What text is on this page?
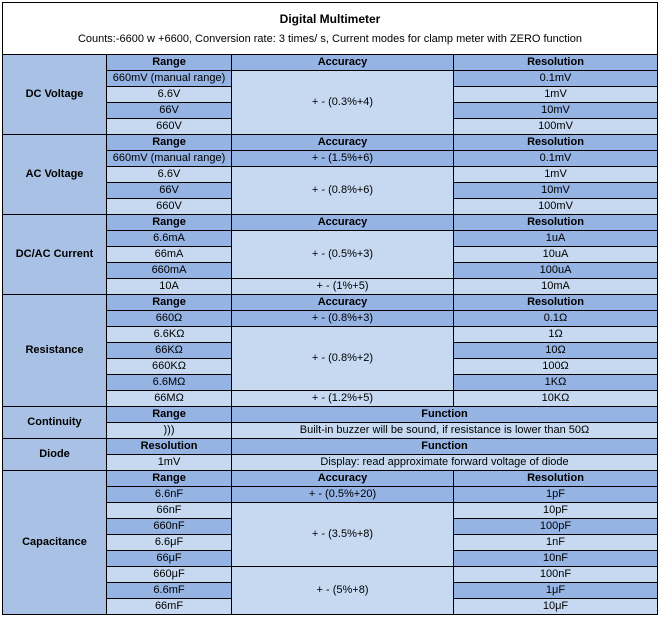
Digital Multimeter
Counts:-6600 w +6600, Conversion rate: 3 times/ s, Current modes for clamp meter with ZERO function			

DC Voltage	Range	Accuracy	Resolution
	660mV (manual range)	+ - (0.3%+4)	0.1mV
	6.6V		1mV
	66V		10mV
	660V		100mV
AC Voltage	Range	Accuracy	Resolution
	660mV (manual range)	+ - (1.5%+6)	0.1mV
	6.6V	+ - (0.8%+6)	1mV
	66V		10mV
	660V		100mV
DC/AC Current	Range	Accuracy	Resolution
	6.6mA	+ - (0.5%+3)	1uA
	66mA		10uA
	660mA		100uA
	10A	+ - (1%+5)	10mA
Resistance	Range	Accuracy	Resolution
	660Ω	+ - (0.8%+3)	0.1Ω
	6.6KΩ	+ - (0.8%+2)	1Ω
	66KΩ		10Ω
	660KΩ		100Ω
	6.6MΩ		1KΩ
	66MΩ	+ - (1.2%+5)	10KΩ
Continuity	Range	Function	
	)))	Built-in buzzer will be sound, if resistance is lower than 50Ω	
Diode	Resolution	Function	
	1mV	Display: read approximate forward voltage of diode	
Capacitance	Range	Accuracy	Resolution
	6.6nF	+ - (0.5%+20)	1pF
	66nF	+ - (3.5%+8)	10pF
	660nF		100pF
	6.6μF		1nF
	66μF		10nF
	660μF	+ - (5%+8)	100nF
	6.6mF		1μF
	66mF		10μF
